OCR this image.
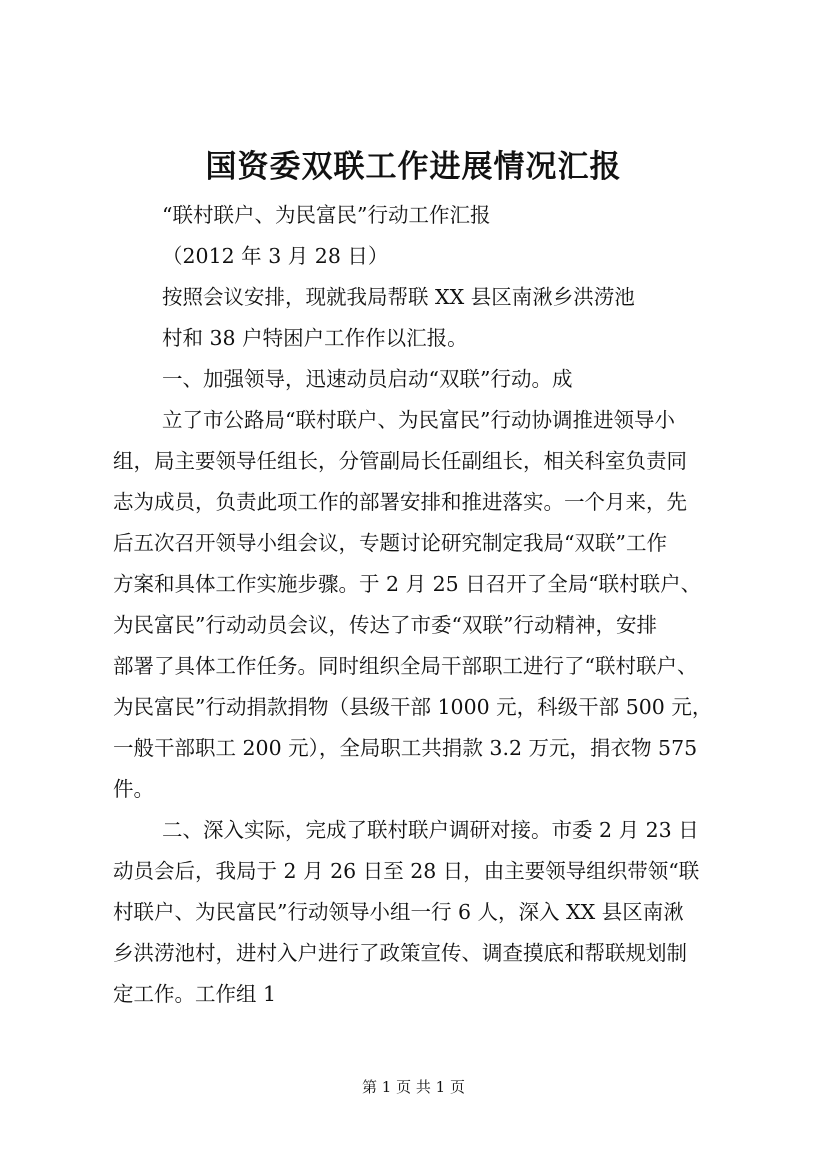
国资委双联工作进展情况汇报
“联村联户、为民富民”行动工作汇报
（2012 年 3 月 28 日）
按照会议安排，现就我局帮联 XX 县区南湫乡洪涝池
村和 38 户特困户工作作以汇报。
一、加强领导，迅速动员启动“双联”行动。成
立了市公路局“联村联户、为民富民”行动协调推进领导小
组，局主要领导任组长，分管副局长任副组长，相关科室负责同
志为成员，负责此项工作的部署安排和推进落实。一个月来，先
后五次召开领导小组会议，专题讨论研究制定我局“双联”工作
方案和具体工作实施步骤。于 2 月 25 日召开了全局“联村联户、
为民富民”行动动员会议，传达了市委“双联”行动精神，安排
部署了具体工作任务。同时组织全局干部职工进行了“联村联户、
为民富民”行动捐款捐物（县级干部 1000 元，科级干部 500 元，
一般干部职工 200 元），全局职工共捐款 3.2 万元，捐衣物 575
件。
二、深入实际，完成了联村联户调研对接。市委 2 月 23 日
动员会后，我局于 2 月 26 日至 28 日，由主要领导组织带领“联
村联户、为民富民”行动领导小组一行 6 人，深入 XX 县区南湫
乡洪涝池村，进村入户进行了政策宣传、调查摸底和帮联规划制
定工作。工作组 1
第 1 页 共 1 页
